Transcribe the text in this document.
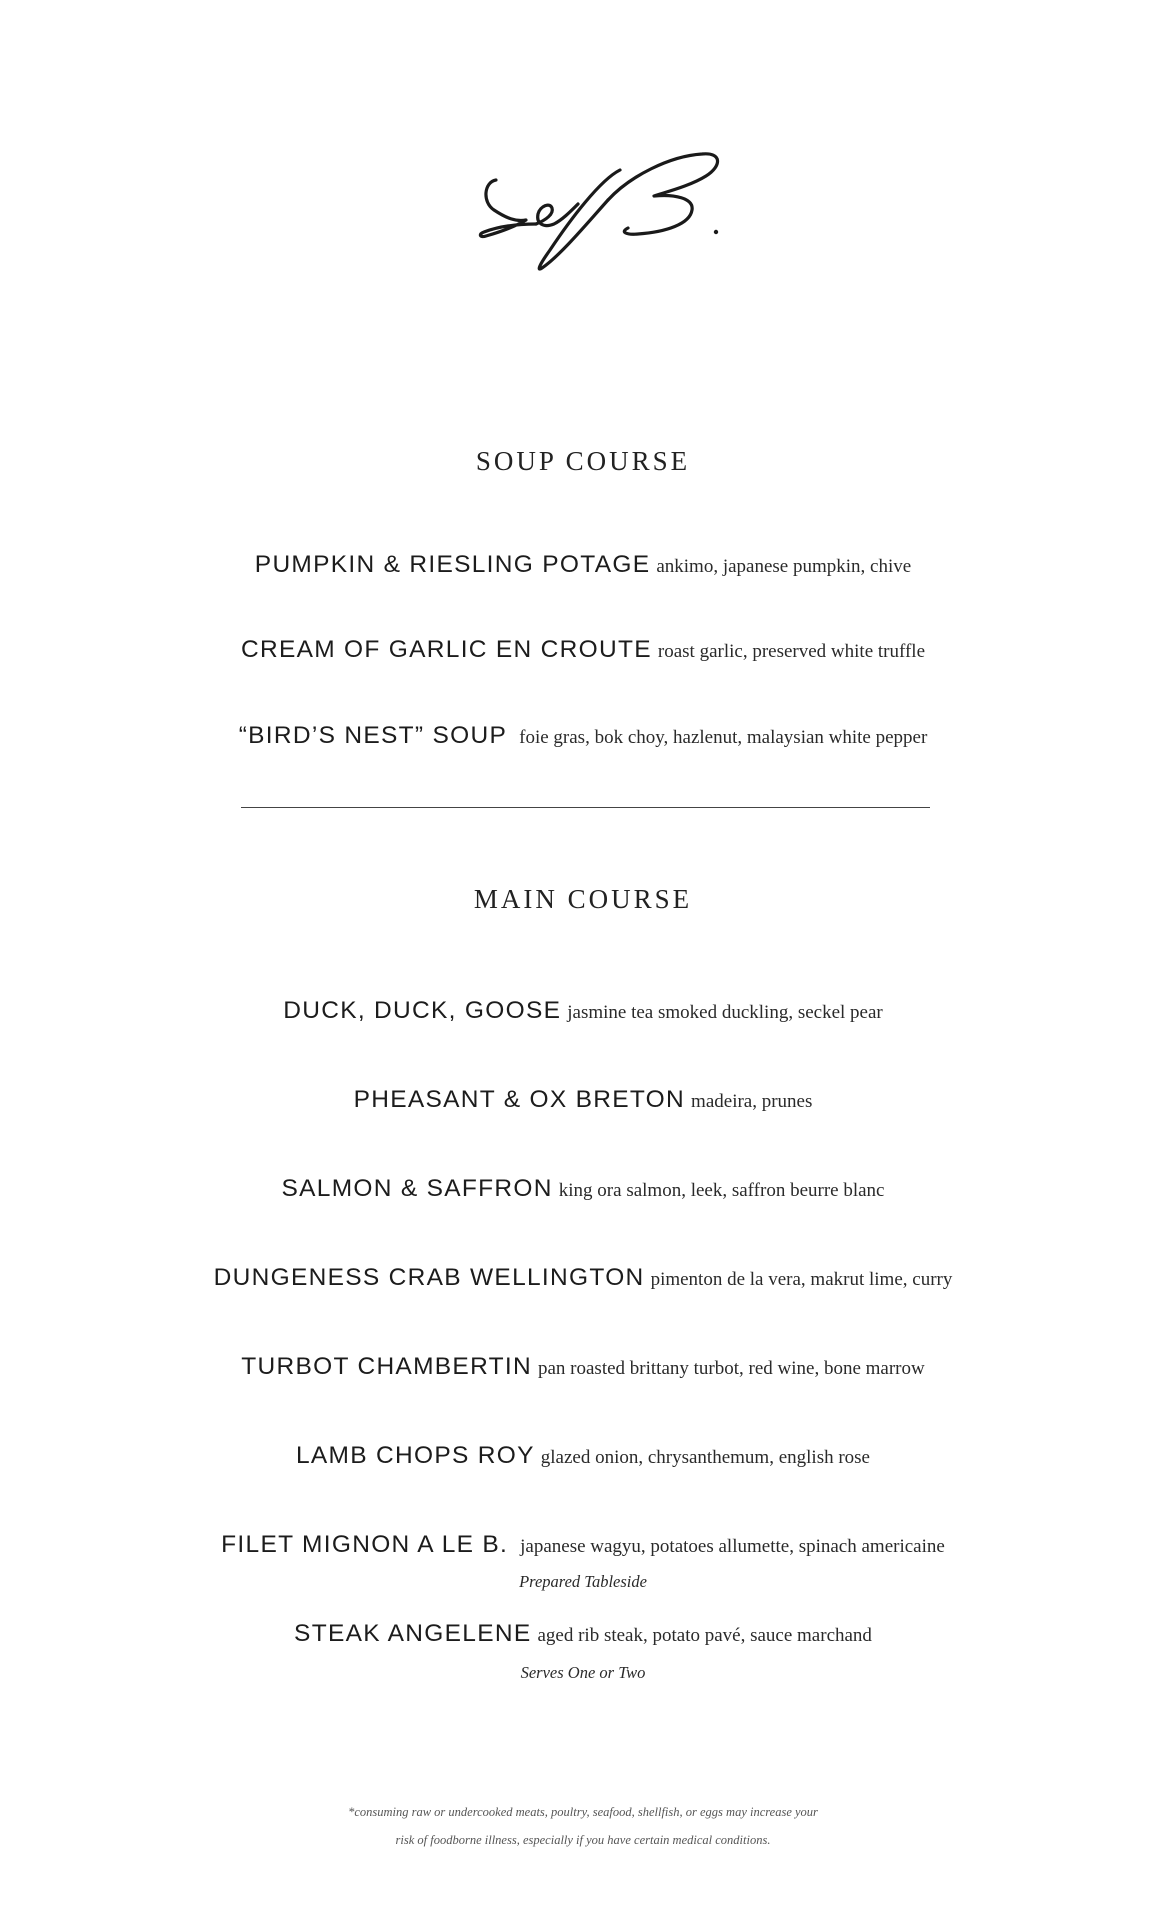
SOUP COURSE
PUMPKIN & RIESLING POTAGE ankimo, japanese pumpkin, chive
CREAM OF GARLIC EN CROUTE roast garlic, preserved white truffle
“BIRD’S NEST” SOUP foie gras, bok choy, hazlenut, malaysian white pepper
MAIN COURSE
DUCK, DUCK, GOOSE jasmine tea smoked duckling, seckel pear
PHEASANT & OX BRETON madeira, prunes
SALMON & SAFFRON king ora salmon, leek, saffron beurre blanc
DUNGENESS CRAB WELLINGTON pimenton de la vera, makrut lime, curry
TURBOT CHAMBERTIN pan roasted brittany turbot, red wine, bone marrow
LAMB CHOPS ROY glazed onion, chrysanthemum, english rose
FILET MIGNON A LE B. japanese wagyu, potatoes allumette, spinach americaine
Prepared Tableside
STEAK ANGELENE aged rib steak, potato pavé, sauce marchand
Serves One or Two
*consuming raw or undercooked meats, poultry, seafood, shellfish, or eggs may increase your
risk of foodborne illness, especially if you have certain medical conditions.
